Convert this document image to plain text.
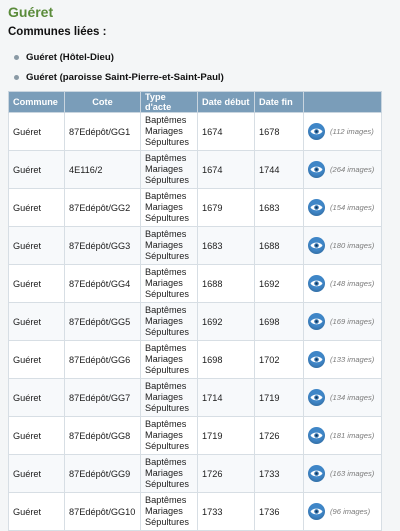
Guéret
Communes liées :
Guéret (Hôtel-Dieu)
Guéret (paroisse Saint-Pierre-et-Saint-Paul)
Commune	Cote	Type d'acte	Date début	Date fin	
Guéret	87Edépôt/GG1	Baptêmes
Mariages
Sépultures	1674	1678	(112 images)

Guéret	4E116/2	Baptêmes
Mariages
Sépultures	1674	1744	(264 images)

Guéret	87Edépôt/GG2	Baptêmes
Mariages
Sépultures	1679	1683	(154 images)

Guéret	87Edépôt/GG3	Baptêmes
Mariages
Sépultures	1683	1688	(180 images)

Guéret	87Edépôt/GG4	Baptêmes
Mariages
Sépultures	1688	1692	(148 images)

Guéret	87Edépôt/GG5	Baptêmes
Mariages
Sépultures	1692	1698	(169 images)

Guéret	87Edépôt/GG6	Baptêmes
Mariages
Sépultures	1698	1702	(133 images)

Guéret	87Edépôt/GG7	Baptêmes
Mariages
Sépultures	1714	1719	(134 images)

Guéret	87Edépôt/GG8	Baptêmes
Mariages
Sépultures	1719	1726	(181 images)

Guéret	87Edépôt/GG9	Baptêmes
Mariages
Sépultures	1726	1733	(163 images)

Guéret	87Edépôt/GG10	Baptêmes
Mariages
Sépultures	1733	1736	(96 images)
